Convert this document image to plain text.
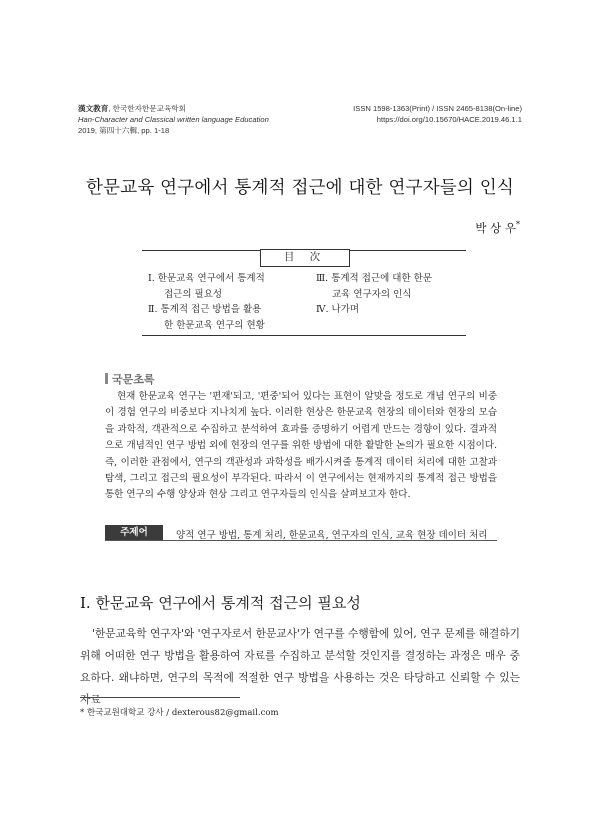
漢文教育, 한국한자한문교육학회
Han-Character and Classical written language Education
2019, 第四十六輯, pp. 1-18
ISSN 1598-1363(Print) / ISSN 2465-8138(On-line)
https://doi.org/10.15670/HACE.2019.46.1.1
한문교육 연구에서 통계적 접근에 대한 연구자들의 인식
박 상 우*
目 次
Ⅰ. 한문교육 연구에서 통계적
접근의 필요성
Ⅱ. 통계적 접근 방법을 활용
한 한문교육 연구의 현황
Ⅲ. 통계적 접근에 대한 한문
교육 연구자의 인식
Ⅳ. 나가며
국문초록
현재 한문교육 연구는 '편재'되고, '편중'되어 있다는 표현이 알맞을 정도로 개념 연구의 비중이 경험 연구의 비중보다 지나치게 높다. 이러한 현상은 한문교육 현장의 데이터와 현장의 모습을 과학적, 객관적으로 수집하고 분석하여 효과를 증명하기 어렵게 만드는 경향이 있다. 결과적으로 개념적인 연구 방법 외에 현장의 연구를 위한 방법에 대한 활발한 논의가 필요한 시점이다. 즉, 이러한 관점에서, 연구의 객관성과 과학성을 배가시켜줄 통계적 데이터 처리에 대한 고찰과 탐색, 그리고 접근의 필요성이 부각된다. 따라서 이 연구에서는 현재까지의 통계적 접근 방법을 통한 연구의 수행 양상과 현상 그리고 연구자들의 인식을 살펴보고자 한다.
주제어	양적 연구 방법, 통계 처리, 한문교육, 연구자의 인식, 교육 현장 데이터 처리
Ⅰ. 한문교육 연구에서 통계적 접근의 필요성
'한문교육학 연구자'와 '연구자로서 한문교사'가 연구를 수행함에 있어, 연구 문제를 해결하기 위해 어떠한 연구 방법을 활용하여 자료를 수집하고 분석할 것인지를 결정하는 과정은 매우 중요하다. 왜냐하면, 연구의 목적에 적절한 연구 방법을 사용하는 것은 타당하고 신뢰할 수 있는 자료
* 한국교원대학교 강사 / dexterous82@gmail.com
